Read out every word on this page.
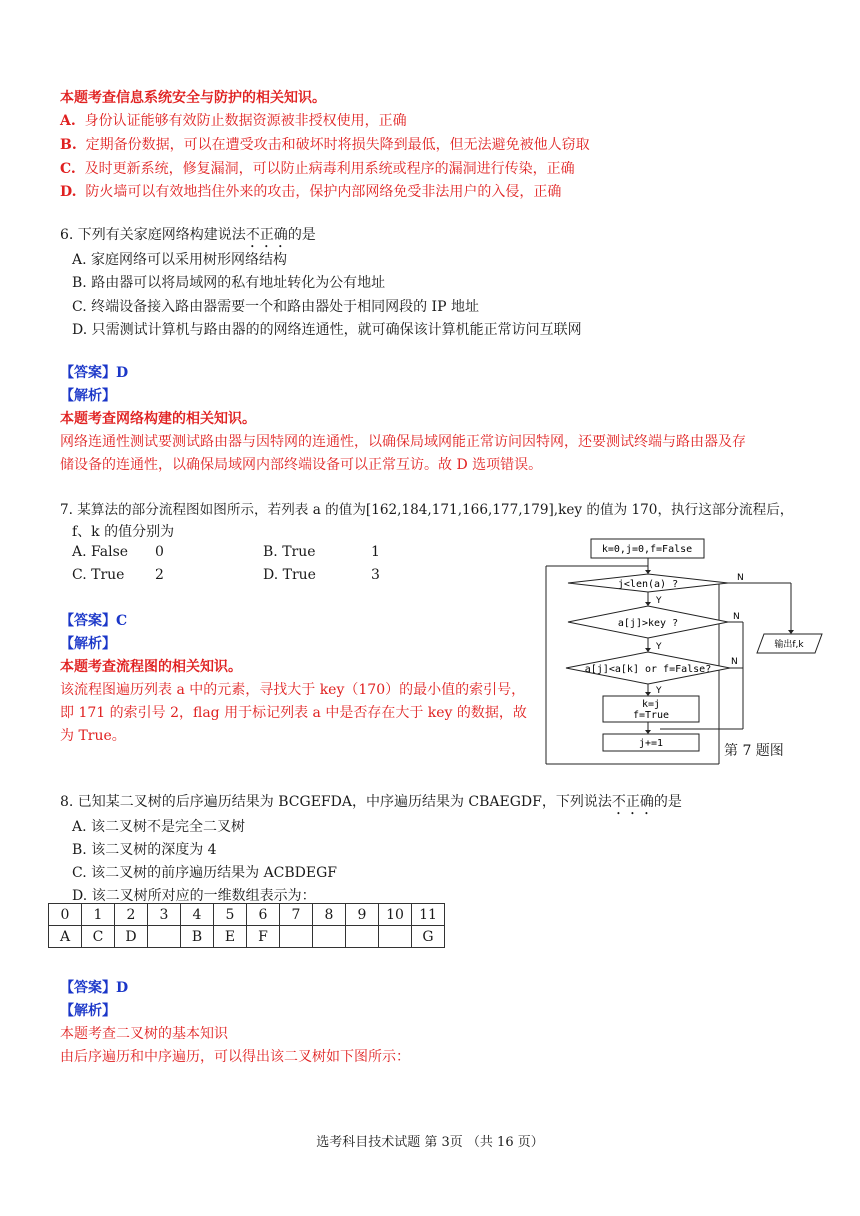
本题考查信息系统安全与防护的相关知识。
A. 身份认证能够有效防止数据资源被非授权使用，正确
B. 定期备份数据，可以在遭受攻击和破坏时将损失降到最低，但无法避免被他人窃取
C. 及时更新系统，修复漏洞，可以防止病毒利用系统或程序的漏洞进行传染，正确
D. 防火墙可以有效地挡住外来的攻击，保护内部网络免受非法用户的入侵，正确
6. 下列有关家庭网络构建说法不正确的是
A. 家庭网络可以采用树形网络结构
B. 路由器可以将局域网的私有地址转化为公有地址
C. 终端设备接入路由器需要一个和路由器处于相同网段的 IP 地址
D. 只需测试计算机与路由器的的网络连通性，就可确保该计算机能正常访问互联网
【答案】D
【解析】
本题考查网络构建的相关知识。
网络连通性测试要测试路由器与因特网的连通性，以确保局域网能正常访问因特网，还要测试终端与路由器及存
储设备的连通性，以确保局域网内部终端设备可以正常互访。故 D 选项错误。
7. 某算法的部分流程图如图所示，若列表 a 的值为[162,184,171,166,177,179],key 的值为 170，执行这部分流程后，
f、k 的值分别为
A. False 0	B. True	1
C. True 2	D. True	3
【答案】C
【解析】
本题考查流程图的相关知识。
该流程图遍历列表 a 中的元素，寻找大于 key（170）的最小值的索引号，
即 171 的索引号 2，flag 用于标记列表 a 中是否存在大于 key 的数据，故
为 True。
k=0,j=0,f=False
j<len(a) ?
a[j]>key ?
a[j]<a[k] or f=False?
k=j
f=True
j+=1
输出f,k
Y
Y
Y
N
N
N
第 7 题图
8. 已知某二叉树的后序遍历结果为 BCGEFDA，中序遍历结果为 CBAEGDF，下列说法不正确的是
A. 该二叉树不是完全二叉树
B. 该二叉树的深度为 4
C. 该二叉树的前序遍历结果为 ACBDEGF
D. 该二叉树所对应的一维数组表示为：
0	1	2	3	4	5	6	7	8	9	10	11
A	C	D		B	E	F					G
【答案】D
【解析】
本题考查二叉树的基本知识
由后序遍历和中序遍历，可以得出该二叉树如下图所示：
选考科目技术试题 第 3页 （共 16 页）
